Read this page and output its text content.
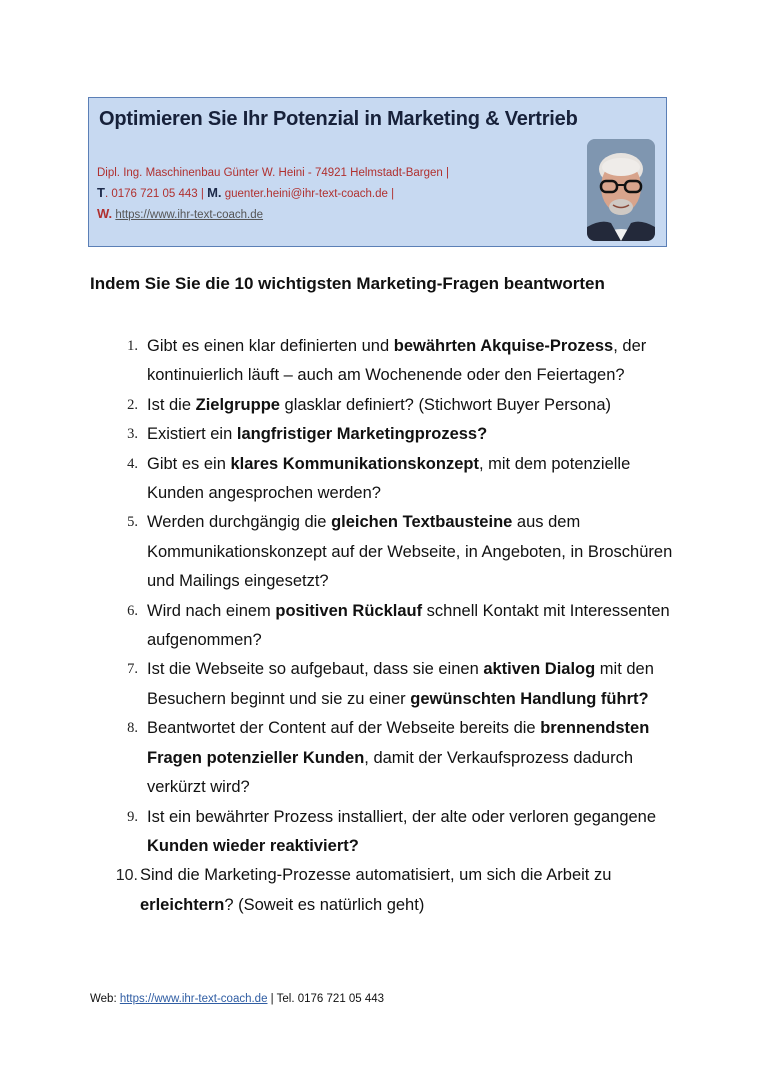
Optimieren Sie Ihr Potenzial in Marketing & Vertrieb
Dipl. Ing. Maschinenbau Günter W. Heini - 74921 Helmstadt-Bargen |
T. 0176 721 05 443 | M. guenter.heini@ihr-text-coach.de |
W. https://www.ihr-text-coach.de
Indem Sie Sie die 10 wichtigsten Marketing-Fragen beantworten
1. Gibt es einen klar definierten und bewährten Akquise-Prozess, der kontinuierlich läuft – auch am Wochenende oder den Feiertagen?
2. Ist die Zielgruppe glasklar definiert? (Stichwort Buyer Persona)
3. Existiert ein langfristiger Marketingprozess?
4. Gibt es ein klares Kommunikationskonzept, mit dem potenzielle Kunden angesprochen werden?
5. Werden durchgängig die gleichen Textbausteine aus dem Kommunikationskonzept auf der Webseite, in Angeboten, in Broschüren und Mailings eingesetzt?
6. Wird nach einem positiven Rücklauf schnell Kontakt mit Interessenten aufgenommen?
7. Ist die Webseite so aufgebaut, dass sie einen aktiven Dialog mit den Besuchern beginnt und sie zu einer gewünschten Handlung führt?
8. Beantwortet der Content auf der Webseite bereits die brennendsten Fragen potenzieller Kunden, damit der Verkaufsprozess dadurch verkürzt wird?
9. Ist ein bewährter Prozess installiert, der alte oder verloren gegangene Kunden wieder reaktiviert?
10. Sind die Marketing-Prozesse automatisiert, um sich die Arbeit zu erleichtern? (Soweit es natürlich geht)
Web: https://www.ihr-text-coach.de | Tel. 0176 721 05 443
